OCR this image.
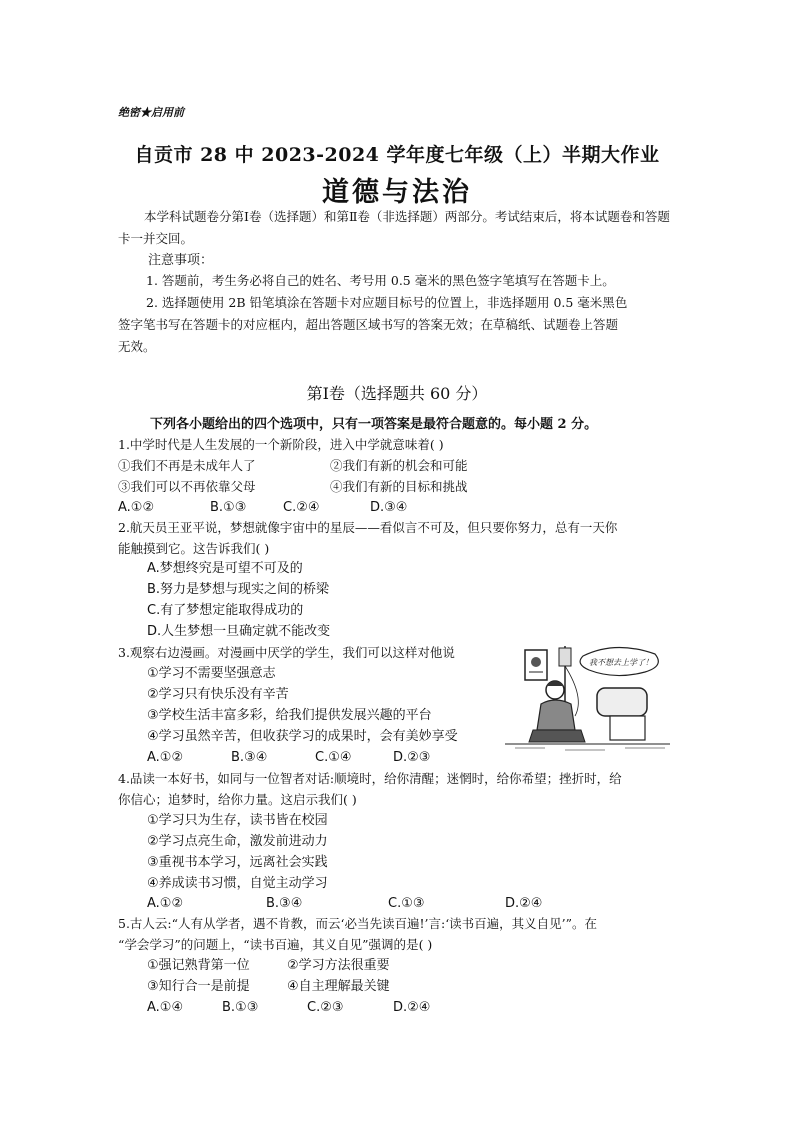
绝密★启用前
自贡市 28 中 2023-2024 学年度七年级（上）半期大作业
道德与法治
本学科试题卷分第Ⅰ卷（选择题）和第Ⅱ卷（非选择题）两部分。考试结束后，将本试题卷和答题卡一并交回。
注意事项：
1. 答题前，考生务必将自己的姓名、考号用 0.5 毫米的黑色签字笔填写在答题卡上。
2. 选择题使用 2B 铅笔填涂在答题卡对应题目标号的位置上，非选择题用 0.5 毫米黑色
签字笔书写在答题卡的对应框内，超出答题区域书写的答案无效；在草稿纸、试题卷上答题
无效。
第Ⅰ卷（选择题共 60 分）
下列各小题给出的四个选项中，只有一项答案是最符合题意的。每小题 2 分。
1.中学时代是人生发展的一个新阶段，进入中学就意味着( )
①我们不再是未成年人了	②我们有新的机会和可能
③我们可以不再依靠父母	④我们有新的目标和挑战
A.①②	B.①③	C.②④	D.③④
2.航天员王亚平说，梦想就像宇宙中的星辰——看似言不可及，但只要你努力，总有一天你
能触摸到它。这告诉我们( )
A.梦想终究是可望不可及的
B.努力是梦想与现实之间的桥梁
C.有了梦想定能取得成功的
D.人生梦想一旦确定就不能改变
3.观察右边漫画。对漫画中厌学的学生，我们可以这样对他说
①学习不需要坚强意志
②学习只有快乐没有辛苦
③学校生活丰富多彩，给我们提供发展兴趣的平台
④学习虽然辛苦，但收获学习的成果时，会有美妙享受
A.①②	B.③④	C.①④	D.②③
我不想去上学了！
4.品读一本好书，如同与一位智者对话:顺境时，给你清醒；迷惘时，给你希望；挫折时，给
你信心；追梦时，给你力量。这启示我们( )
①学习只为生存，读书皆在校园
②学习点亮生命，激发前进动力
③重视书本学习，远离社会实践
④养成读书习惯，自觉主动学习
A.①②	B.③④	C.①③	D.②④
5.古人云:“人有从学者，遇不肯教，而云‘必当先读百遍!’言:‘读书百遍，其义自见’”。在
“学会学习”的问题上，“读书百遍，其义自见”强调的是( )
①强记熟背第一位	②学习方法很重要
③知行合一是前提	④自主理解最关键
A.①④	B.①③	C.②③	D.②④
